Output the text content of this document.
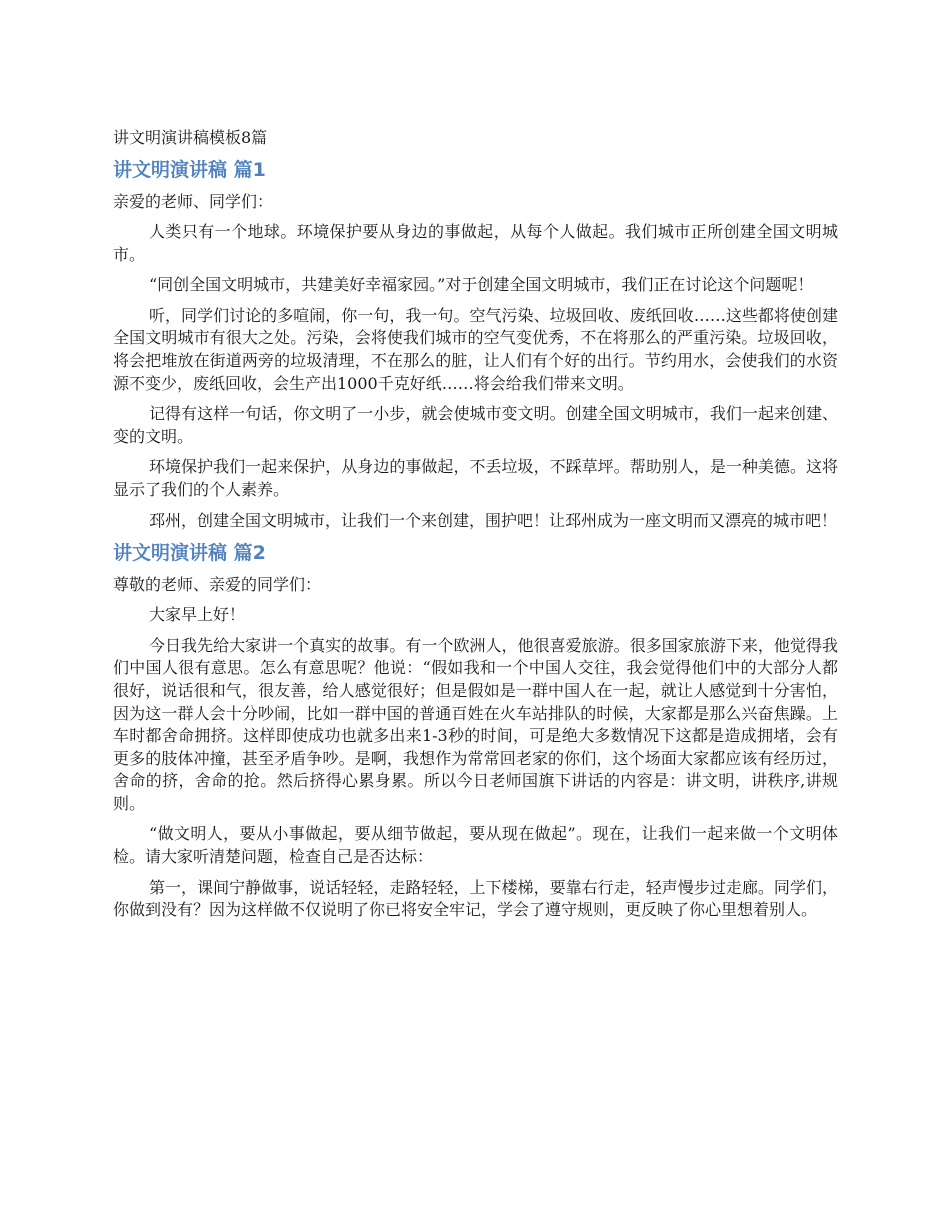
讲文明演讲稿模板8篇
讲文明演讲稿 篇1
亲爱的老师、同学们：

人类只有一个地球。环境保护要从身边的事做起，从每个人做起。我们城市正所创建全国文明城市。

“同创全国文明城市，共建美好幸福家园。”对于创建全国文明城市，我们正在讨论这个问题呢！

听，同学们讨论的多喧闹，你一句，我一句。空气污染、垃圾回收、废纸回收……这些都将使创建全国文明城市有很大之处。污染，会将使我们城市的空气变优秀，不在将那么的严重污染。垃圾回收，将会把堆放在街道两旁的垃圾清理，不在那么的脏，让人们有个好的出行。节约用水，会使我们的水资源不变少，废纸回收，会生产出1000千克好纸……将会给我们带来文明。

记得有这样一句话，你文明了一小步，就会使城市变文明。创建全国文明城市，我们一起来创建、变的文明。

环境保护我们一起来保护，从身边的事做起，不丢垃圾，不踩草坪。帮助别人，是一种美德。这将显示了我们的个人素养。

邳州，创建全国文明城市，让我们一个来创建，围护吧！让邳州成为一座文明而又漂亮的城市吧！

讲文明演讲稿 篇2
尊敬的老师、亲爱的同学们：

大家早上好！

今日我先给大家讲一个真实的故事。有一个欧洲人，他很喜爱旅游。很多国家旅游下来，他觉得我们中国人很有意思。怎么有意思呢？他说：“假如我和一个中国人交往，我会觉得他们中的大部分人都很好，说话很和气，很友善，给人感觉很好；但是假如是一群中国人在一起，就让人感觉到十分害怕，因为这一群人会十分吵闹，比如一群中国的普通百姓在火车站排队的时候，大家都是那么兴奋焦躁。上车时都舍命拥挤。这样即使成功也就多出来1-3秒的时间，可是绝大多数情况下这都是造成拥堵，会有更多的肢体冲撞，甚至矛盾争吵。是啊，我想作为常常回老家的你们，这个场面大家都应该有经历过，舍命的挤，舍命的抢。然后挤得心累身累。所以今日老师国旗下讲话的内容是：讲文明，讲秩序,讲规则。

“做文明人，要从小事做起，要从细节做起，要从现在做起”。现在，让我们一起来做一个文明体检。请大家听清楚问题，检查自己是否达标：

第一，课间宁静做事，说话轻轻，走路轻轻，上下楼梯，要靠右行走，轻声慢步过走廊。同学们，你做到没有？因为这样做不仅说明了你已将安全牢记，学会了遵守规则，更反映了你心里想着别人。
